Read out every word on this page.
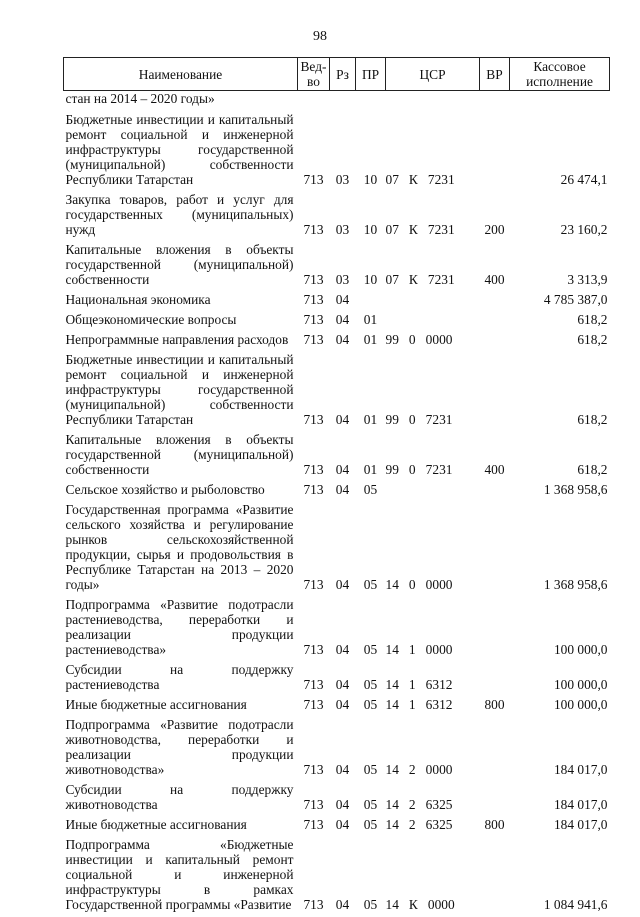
98
Наименование	Вед-во	Рз	ПР	ЦСР	ВР	Кассовое исполнение
стан на 2014 – 2020 годы»						
Бюджетные инвестиции и капитальный ремонт социальной и инженерной инфраструктуры государственной (муниципальной) собственности Республики Татарстан	713	03	10	07   К   7231		26 474,1
Закупка товаров, работ и услуг для государственных (муниципальных) нужд	713	03	10	07   К   7231	200	23 160,2
Капитальные вложения в объекты государственной (муниципальной) собственности	713	03	10	07   К   7231	400	3 313,9
Национальная экономика	713	04				4 785 387,0
Общеэкономические вопросы	713	04	01			618,2
Непрограммные направления расходов	713	04	01	99   0   0000		618,2
Бюджетные инвестиции и капитальный ремонт социальной и инженерной инфраструктуры государственной (муниципальной) собственности Республики Татарстан	713	04	01	99   0   7231		618,2
Капитальные вложения в объекты государственной (муниципальной) собственности	713	04	01	99   0   7231	400	618,2
Сельское хозяйство и рыболовство	713	04	05			1 368 958,6
Государственная программа «Развитие сельского хозяйства и регулирование рынков сельскохозяйственной продукции, сырья и продовольствия в Республике Татарстан на 2013 – 2020 годы»	713	04	05	14   0   0000		1 368 958,6
Подпрограмма «Развитие подотрасли растениеводства, переработки и реализации продукции растениеводства»	713	04	05	14   1   0000		100 000,0
Субсидии на поддержку растениеводства	713	04	05	14   1   6312		100 000,0
Иные бюджетные ассигнования	713	04	05	14   1   6312	800	100 000,0
Подпрограмма «Развитие подотрасли животноводства, переработки и реализации продукции животноводства»	713	04	05	14   2   0000		184 017,0
Субсидии на поддержку животноводства	713	04	05	14   2   6325		184 017,0
Иные бюджетные ассигнования	713	04	05	14   2   6325	800	184 017,0
Подпрограмма «Бюджетные инвестиции и капитальный ремонт социальной и инженерной инфраструктуры в рамках Государственной программы «Развитие	713	04	05	14   К   0000		1 084 941,6
